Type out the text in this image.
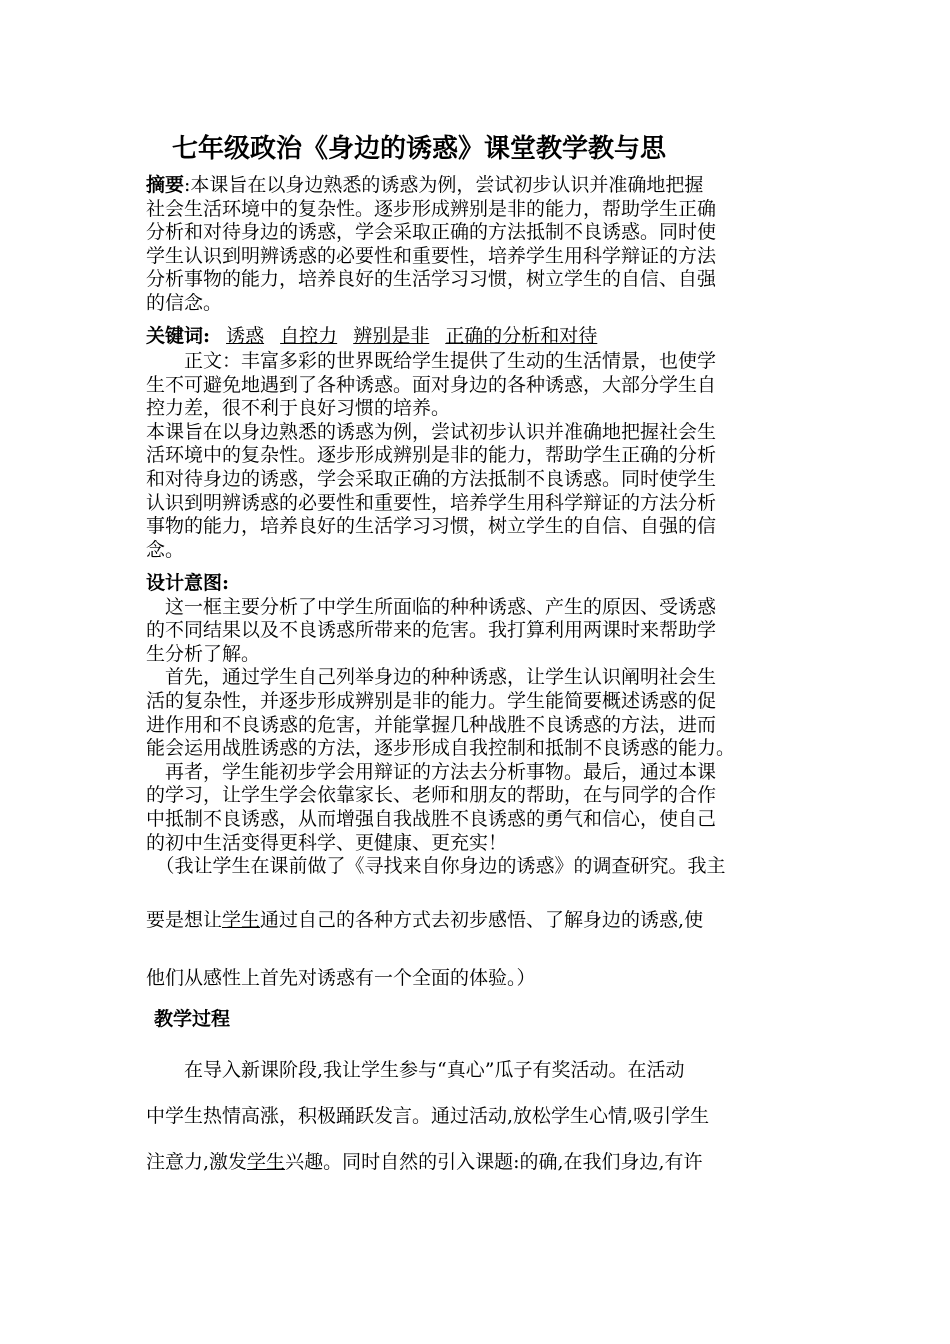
七年级政治《身边的诱惑》课堂教学教与思
摘要:本课旨在以身边熟悉的诱惑为例，尝试初步认识并准确地把握
社会生活环境中的复杂性。逐步形成辨别是非的能力，帮助学生正确
分析和对待身边的诱惑，学会采取正确的方法抵制不良诱惑。同时使
学生认识到明辨诱惑的必要性和重要性，培养学生用科学辩证的方法
分析事物的能力，培养良好的生活学习习惯，树立学生的自信、自强
的信念。
关键词: 诱惑 自控力 辨别是非 正确的分析和对待
　　正文：丰富多彩的世界既给学生提供了生动的生活情景，也使学
生不可避免地遇到了各种诱惑。面对身边的各种诱惑，大部分学生自
控力差，很不利于良好习惯的培养。
本课旨在以身边熟悉的诱惑为例，尝试初步认识并准确地把握社会生
活环境中的复杂性。逐步形成辨别是非的能力，帮助学生正确的分析
和对待身边的诱惑，学会采取正确的方法抵制不良诱惑。同时使学生
认识到明辨诱惑的必要性和重要性，培养学生用科学辩证的方法分析
事物的能力，培养良好的生活学习习惯，树立学生的自信、自强的信
念。
设计意图:
　这一框主要分析了中学生所面临的种种诱惑、产生的原因、受诱惑
的不同结果以及不良诱惑所带来的危害。我打算利用两课时来帮助学
生分析了解。
　首先，通过学生自己列举身边的种种诱惑，让学生认识阐明社会生
活的复杂性，并逐步形成辨别是非的能力。学生能简要概述诱惑的促
进作用和不良诱惑的危害，并能掌握几种战胜不良诱惑的方法，进而
能会运用战胜诱惑的方法，逐步形成自我控制和抵制不良诱惑的能力。
　再者，学生能初步学会用辩证的方法去分析事物。最后，通过本课
的学习，让学生学会依靠家长、老师和朋友的帮助，在与同学的合作
中抵制不良诱惑，从而增强自我战胜不良诱惑的勇气和信心，使自己
的初中生活变得更科学、更健康、更充实！
　（我让学生在课前做了《寻找来自你身边的诱惑》的调查研究。我主
要是想让学生通过自己的各种方式去初步感悟、了解身边的诱惑,使
他们从感性上首先对诱惑有一个全面的体验。）
教学过程
　　在导入新课阶段,我让学生参与“真心”瓜子有奖活动。在活动
中学生热情高涨，积极踊跃发言。通过活动,放松学生心情,吸引学生
注意力,激发学生兴趣。同时自然的引入课题:的确,在我们身边,有许
